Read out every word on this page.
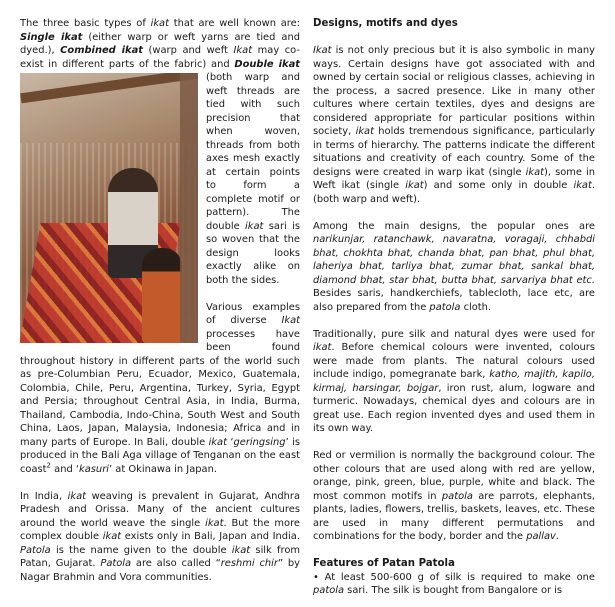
The three basic types of ikat that are well known are: Single ikat (either warp or weft yarns are tied and dyed.), Combined ikat (warp and weft Ikat may co-exist in different parts of the fabric) and Double ikat
(both warp and weft threads are tied with such precision that when woven, threads from both axes mesh exactly at certain points to form a complete motif or pattern). The double ikat sari is so woven that the design looks exactly alike on both the sides.

Various examples of diverse Ikat processes have been found throughout history in different parts of the world such as pre-Columbian Peru, Ecuador, Mexico, Guatemala, Colombia, Chile, Peru, Argentina, Turkey, Syria, Egypt and Persia; throughout Central Asia, in India, Burma, Thailand, Cambodia, Indo-China, South West and South China, Laos, Japan, Malaysia, Indonesia; Africa and in many parts of Europe. In Bali, double ikat ‘geringsing’ is produced in the Bali Aga village of Tenganan on the east coast$^2$ and ‘kasuri’ at Okinawa in Japan.

In India, ikat weaving is prevalent in Gujarat, Andhra Pradesh and Orissa. Many of the ancient cultures around the world weave the single ikat. But the more complex double ikat exists only in Bali, Japan and India. Patola is the name given to the double ikat silk from Patan, Gujarat. Patola are also called “reshmi chir” by Nagar Brahmin and Vora communities.

Designs, motifs and dyes

Ikat is not only precious but it is also symbolic in many ways. Certain designs have got associated with and owned by certain social or religious classes, achieving in the process, a sacred presence. Like in many other cultures where certain textiles, dyes and designs are considered appropriate for particular positions within society, ikat holds tremendous significance, particularly in terms of hierarchy. The patterns indicate the different situations and creativity of each country. Some of the designs were created in warp ikat (single ikat), some in Weft ikat (single ikat) and some only in double ikat. (both warp and weft).

Among the main designs, the popular ones are narikunjar, ratanchawk, navaratna, voragaji, chhabdi bhat, chokhta bhat, chanda bhat, pan bhat, phul bhat, laheriya bhat, tarliya bhat, zumar bhat, sankal bhat, diamond bhat, star bhat, butta bhat, sarvariya bhat etc. Besides saris, handkerchiefs, tablecloth, lace etc, are also prepared from the patola cloth.

Traditionally, pure silk and natural dyes were used for ikat. Before chemical colours were invented, colours were made from plants. The natural colours used include indigo, pomegranate bark, katho, majith, kapilo, kirmaj, harsingar, bojgar, iron rust, alum, logware and turmeric. Nowadays, chemical dyes and colours are in great use. Each region invented dyes and used them in its own way.

Red or vermilion is normally the background colour. The other colours that are used along with red are yellow, orange, pink, green, blue, purple, white and black. The most common motifs in patola are parrots, elephants, plants, ladies, flowers, trellis, baskets, leaves, etc. These are used in many different permutations and combinations for the body, border and the pallav.

Features of Patan Patola
• At least 500-600 g of silk is required to make one patola sari. The silk is bought from Bangalore or is
